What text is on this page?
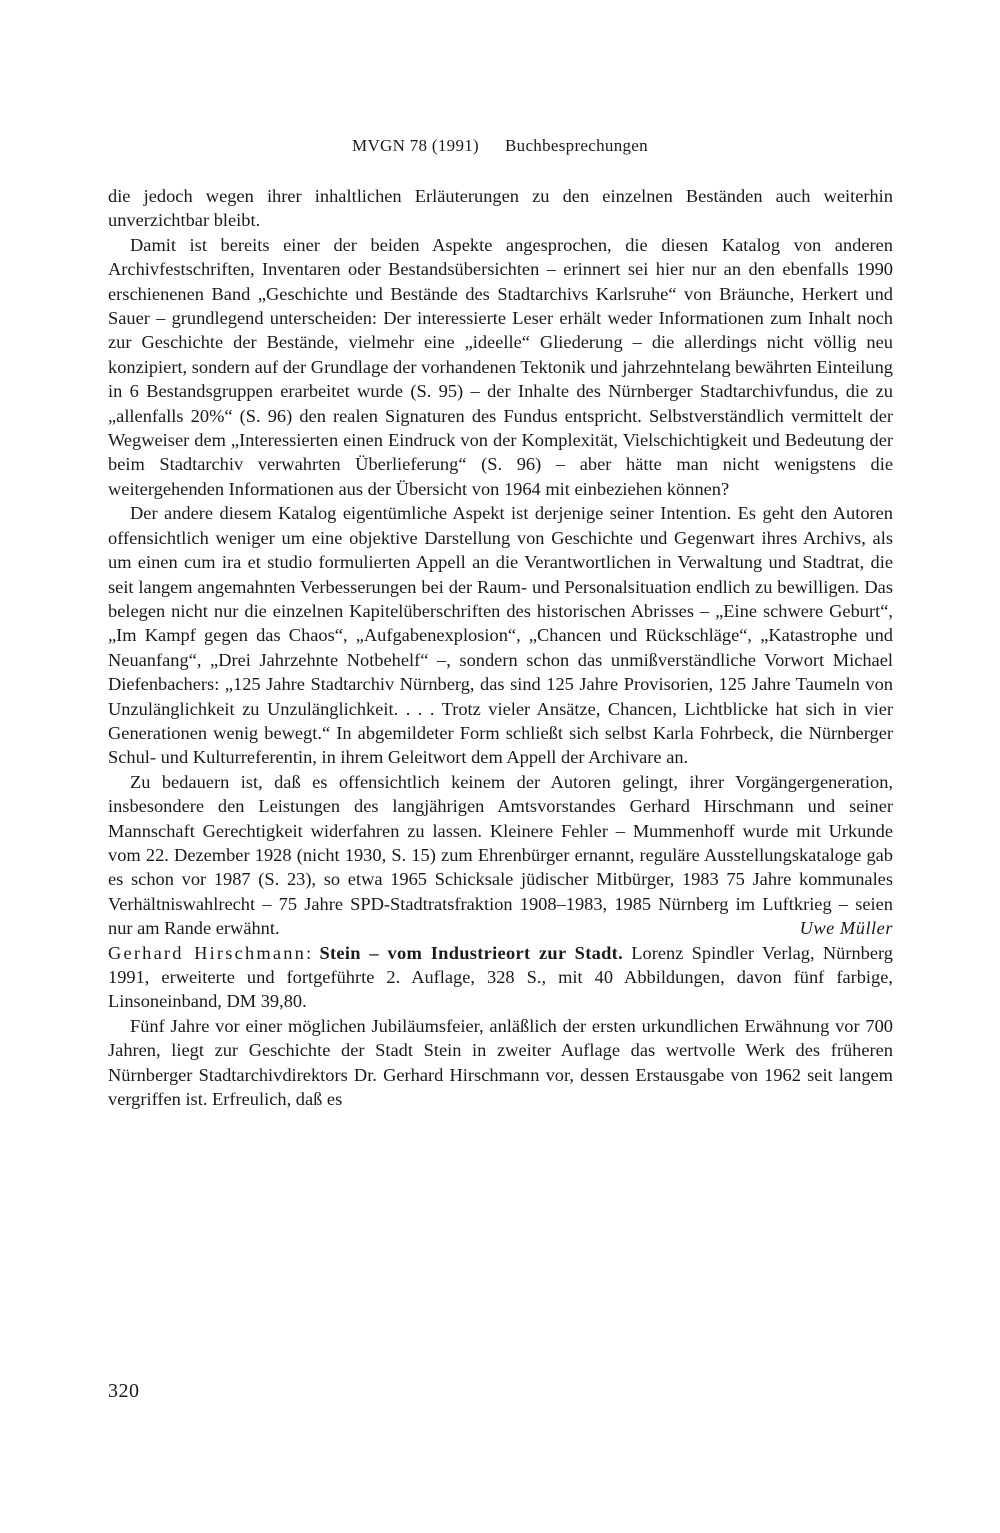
MVGN 78 (1991) Buchbesprechungen

die jedoch wegen ihrer inhaltlichen Erläuterungen zu den einzelnen Beständen auch weiterhin unverzichtbar bleibt.

Damit ist bereits einer der beiden Aspekte angesprochen, die diesen Katalog von anderen Archivfestschriften, Inventaren oder Bestandsübersichten – erinnert sei hier nur an den ebenfalls 1990 erschienenen Band „Geschichte und Bestände des Stadtarchivs Karlsruhe“ von Bräunche, Herkert und Sauer – grundlegend unterscheiden: Der interessierte Leser erhält weder Informationen zum Inhalt noch zur Geschichte der Bestände, vielmehr eine „ideelle“ Gliederung – die allerdings nicht völlig neu konzipiert, sondern auf der Grundlage der vorhandenen Tektonik und jahrzehntelang bewährten Einteilung in 6 Bestandsgruppen erarbeitet wurde (S. 95) – der Inhalte des Nürnberger Stadtarchivfundus, die zu „allenfalls 20%“ (S. 96) den realen Signaturen des Fundus entspricht. Selbstverständlich vermittelt der Wegweiser dem „Interessierten einen Eindruck von der Komplexität, Vielschichtigkeit und Bedeutung der beim Stadtarchiv verwahrten Überlieferung“ (S. 96) – aber hätte man nicht wenigstens die weitergehenden Informationen aus der Übersicht von 1964 mit einbeziehen können?

Der andere diesem Katalog eigentümliche Aspekt ist derjenige seiner Intention. Es geht den Autoren offensichtlich weniger um eine objektive Darstellung von Geschichte und Gegenwart ihres Archivs, als um einen cum ira et studio formulierten Appell an die Verantwortlichen in Verwaltung und Stadtrat, die seit langem angemahnten Verbesserungen bei der Raum- und Personalsituation endlich zu bewilligen. Das belegen nicht nur die einzelnen Kapitelüberschriften des historischen Abrisses – „Eine schwere Geburt“, „Im Kampf gegen das Chaos“, „Aufgabenexplosion“, „Chancen und Rückschläge“, „Katastrophe und Neuanfang“, „Drei Jahrzehnte Notbehelf“ –, sondern schon das unmißverständliche Vorwort Michael Diefenbachers: „125 Jahre Stadtarchiv Nürnberg, das sind 125 Jahre Provisorien, 125 Jahre Taumeln von Unzulänglichkeit zu Unzulänglichkeit. . . . Trotz vieler Ansätze, Chancen, Lichtblicke hat sich in vier Generationen wenig bewegt.“ In abgemildeter Form schließt sich selbst Karla Fohrbeck, die Nürnberger Schul- und Kulturreferentin, in ihrem Geleitwort dem Appell der Archivare an.

Zu bedauern ist, daß es offensichtlich keinem der Autoren gelingt, ihrer Vorgängergeneration, insbesondere den Leistungen des langjährigen Amtsvorstandes Gerhard Hirschmann und seiner Mannschaft Gerechtigkeit widerfahren zu lassen. Kleinere Fehler – Mummenhoff wurde mit Urkunde vom 22. Dezember 1928 (nicht 1930, S. 15) zum Ehrenbürger ernannt, reguläre Ausstellungskataloge gab es schon vor 1987 (S. 23), so etwa 1965 Schicksale jüdischer Mitbürger, 1983 75 Jahre kommunales Verhältniswahlrecht – 75 Jahre SPD-Stadtratsfraktion 1908–1983, 1985 Nürnberg im Luftkrieg – seien nur am Rande erwähnt.	Uwe Müller

Gerhard Hirschmann: Stein – vom Industrieort zur Stadt. Lorenz Spindler Verlag, Nürnberg 1991, erweiterte und fortgeführte 2. Auflage, 328 S., mit 40 Abbildungen, davon fünf farbige, Linsoneinband, DM 39,80.

Fünf Jahre vor einer möglichen Jubiläumsfeier, anläßlich der ersten urkundlichen Erwähnung vor 700 Jahren, liegt zur Geschichte der Stadt Stein in zweiter Auflage das wertvolle Werk des früheren Nürnberger Stadtarchivdirektors Dr. Gerhard Hirschmann vor, dessen Erstausgabe von 1962 seit langem vergriffen ist. Erfreulich, daß es

320
